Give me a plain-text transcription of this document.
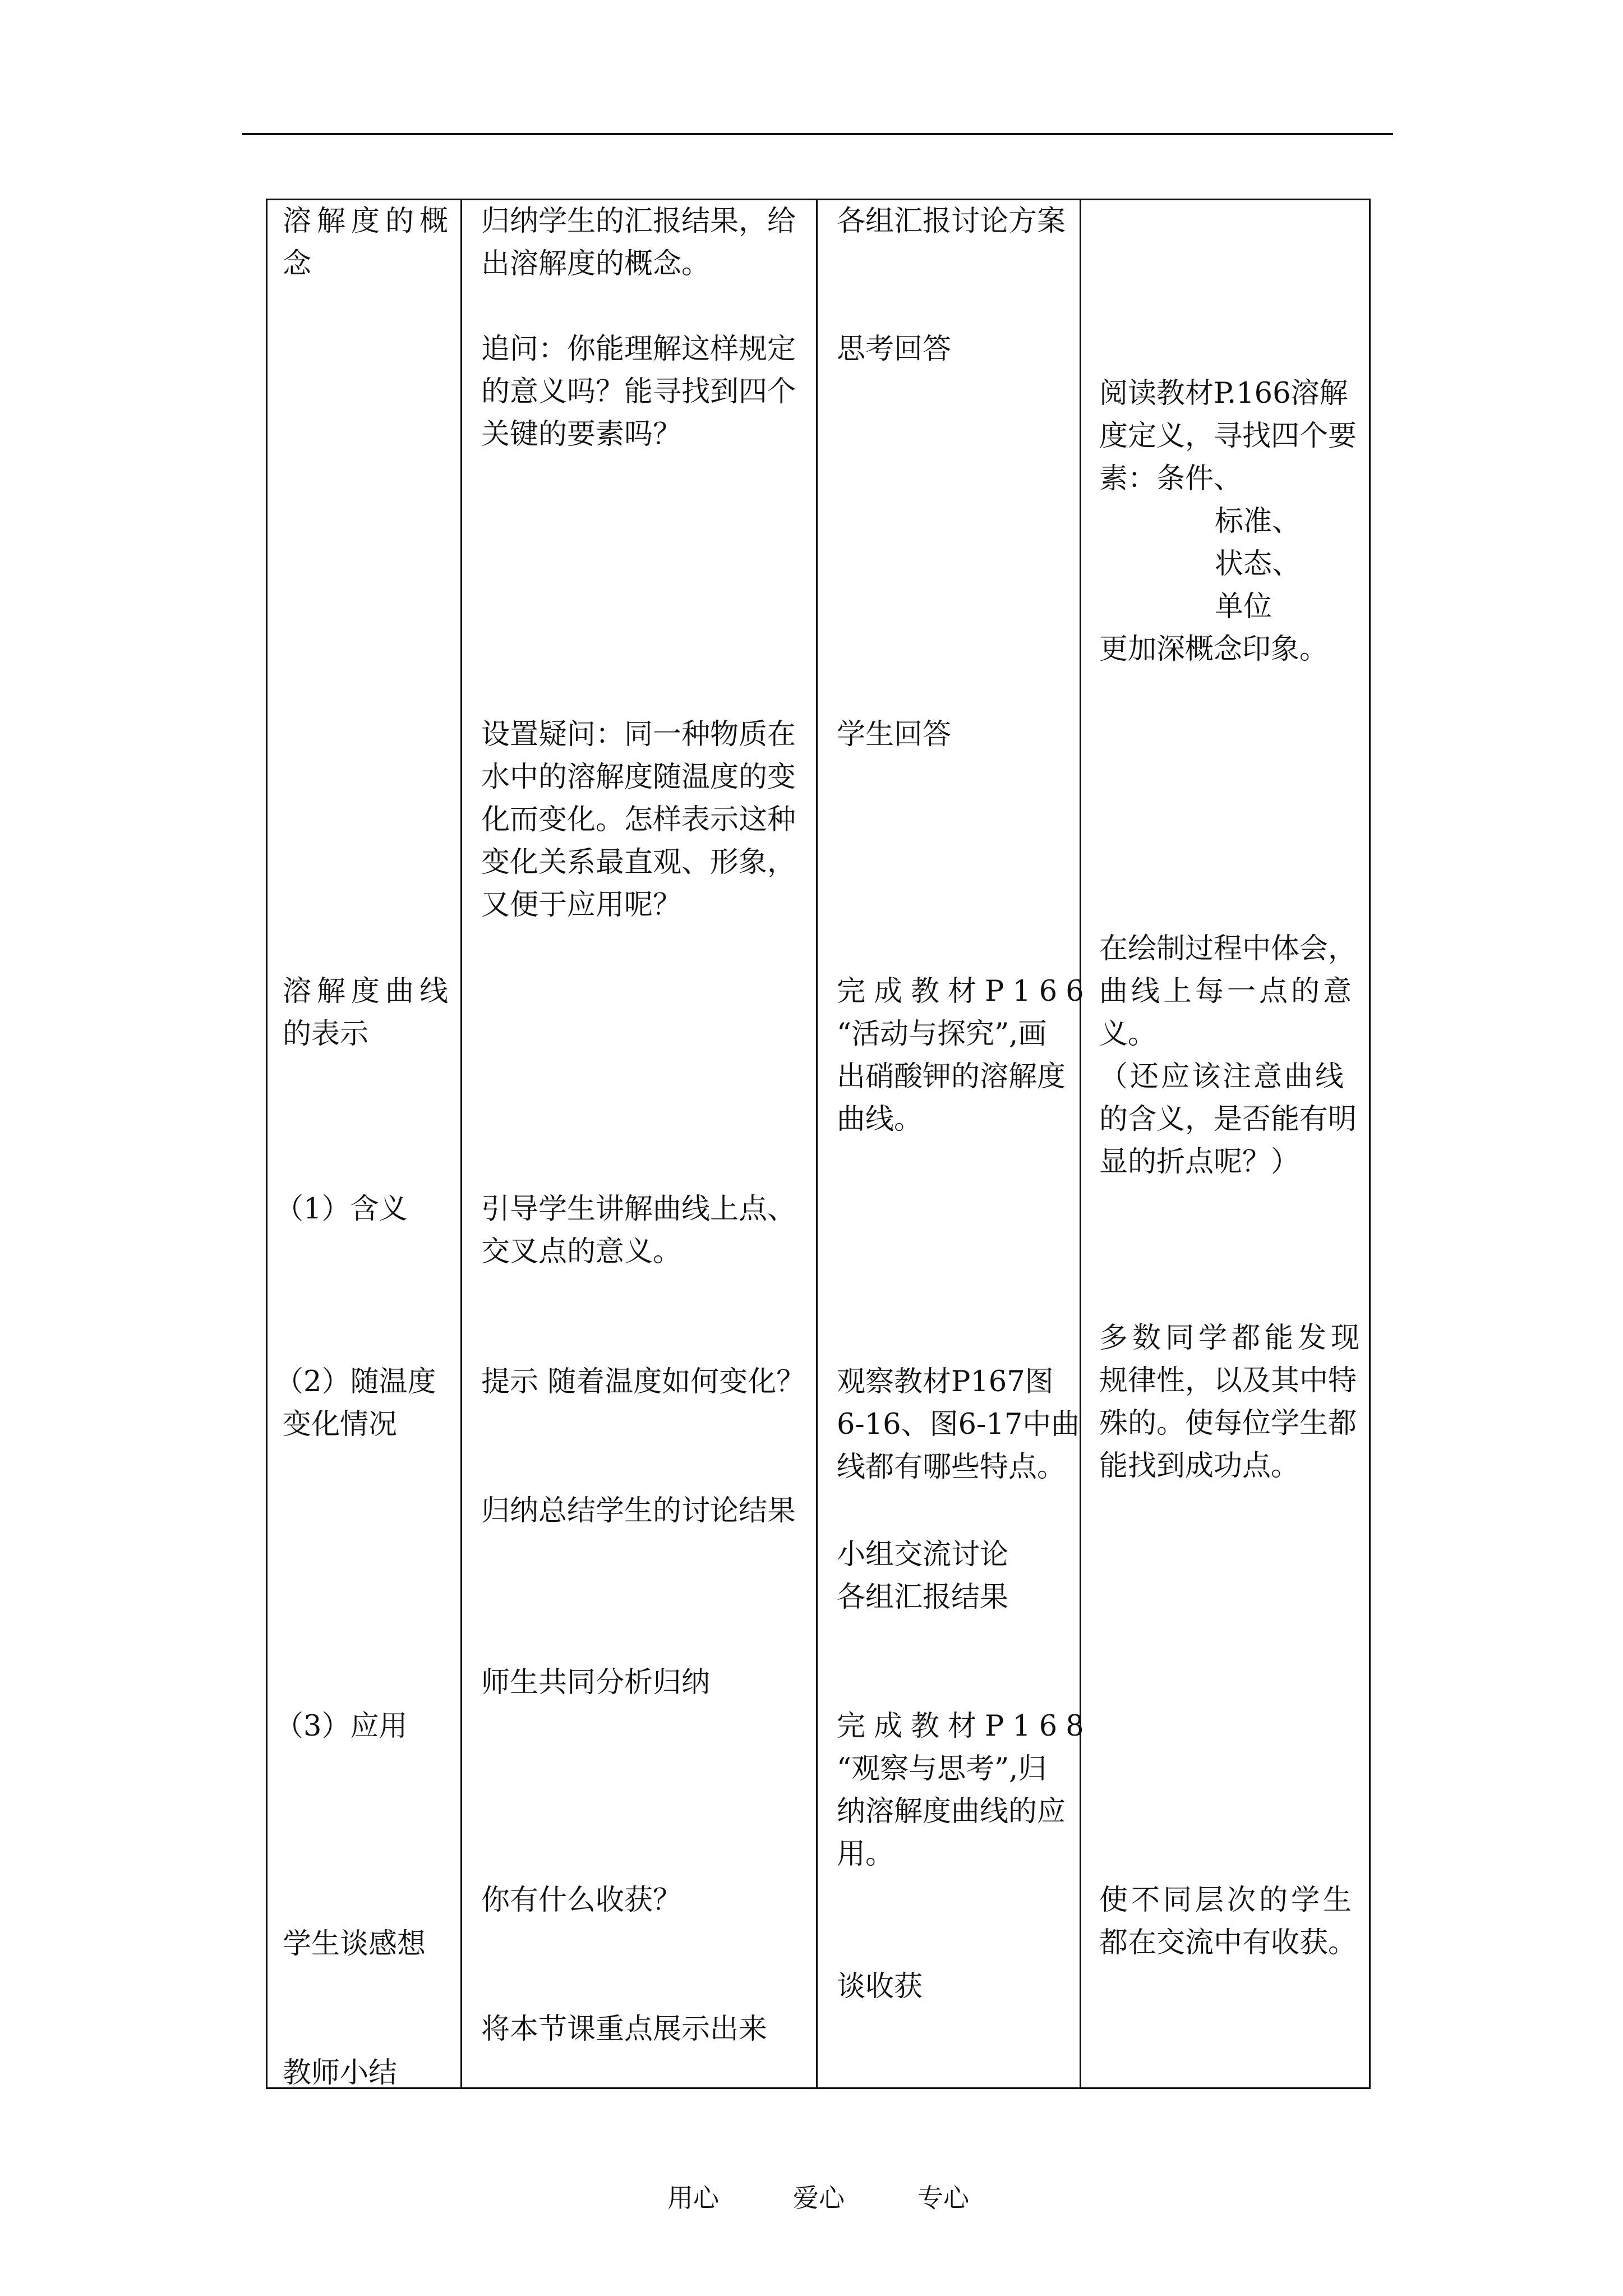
溶解度的概
念
溶解度曲线
的表示
（1）含义
（2）随温度
变化情况
（3）应用
学生谈感想
教师小结
归纳学生的汇报结果，给
出溶解度的概念。
追问：你能理解这样规定
的意义吗？能寻找到四个
关键的要素吗？
设置疑问：同一种物质在
水中的溶解度随温度的变
化而变化。怎样表示这种
变化关系最直观、形象，
又便于应用呢？
引导学生讲解曲线上点、
交叉点的意义。
提示 随着温度如何变化？
归纳总结学生的讨论结果
师生共同分析归纳
你有什么收获？
将本节课重点展示出来
各组汇报讨论方案
思考回答
学生回答
完成教材P166
“活动与探究”,画
出硝酸钾的溶解度
曲线。
观察教材P167图
6-16、图6-17中曲
线都有哪些特点。
小组交流讨论
各组汇报结果
完成教材P168
“观察与思考”,归
纳溶解度曲线的应
用。
谈收获
阅读教材P.166溶解
度定义，寻找四个要
素：条件、
标准、
状态、
单位
更加深概念印象。
在绘制过程中体会，
曲线上每一点的意
义。
（还应该注意曲线
的含义，是否能有明
显的折点呢？）
多数同学都能发现
规律性，以及其中特
殊的。使每位学生都
能找到成功点。
使不同层次的学生
都在交流中有收获。
用心	爱心	专心
